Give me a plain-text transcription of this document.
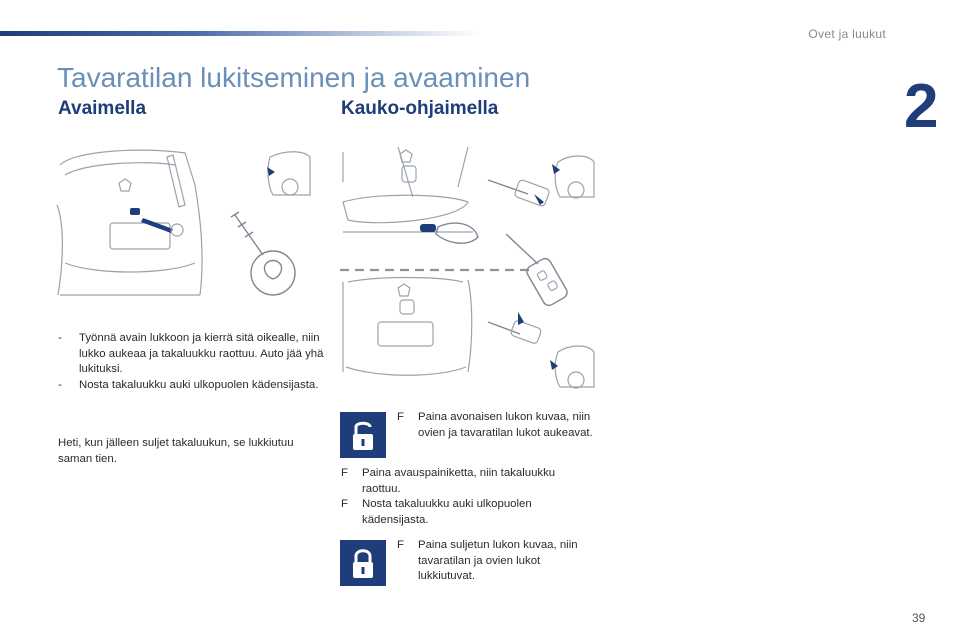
Ovet ja luukut
2
Tavaratilan lukitseminen ja avaaminen
Avaimella
- Työnnä avain lukkoon ja kierrä sitä oikealle, niin lukko aukeaa ja takaluukku raottuu. Auto jää yhä lukituksi.
- Nosta takaluukku auki ulkopuolen kädensijasta.
Heti, kun jälleen suljet takaluukun, se lukkiutuu saman tien.
Kauko-ohjaimella
F Paina avonaisen lukon kuvaa, niin ovien ja tavaratilan lukot aukeavat.
F Paina avauspainiketta, niin takaluukku raottuu.
F Nosta takaluukku auki ulkopuolen kädensijasta.
F Paina suljetun lukon kuvaa, niin tavaratilan ja ovien lukot lukkiutuvat.
39
